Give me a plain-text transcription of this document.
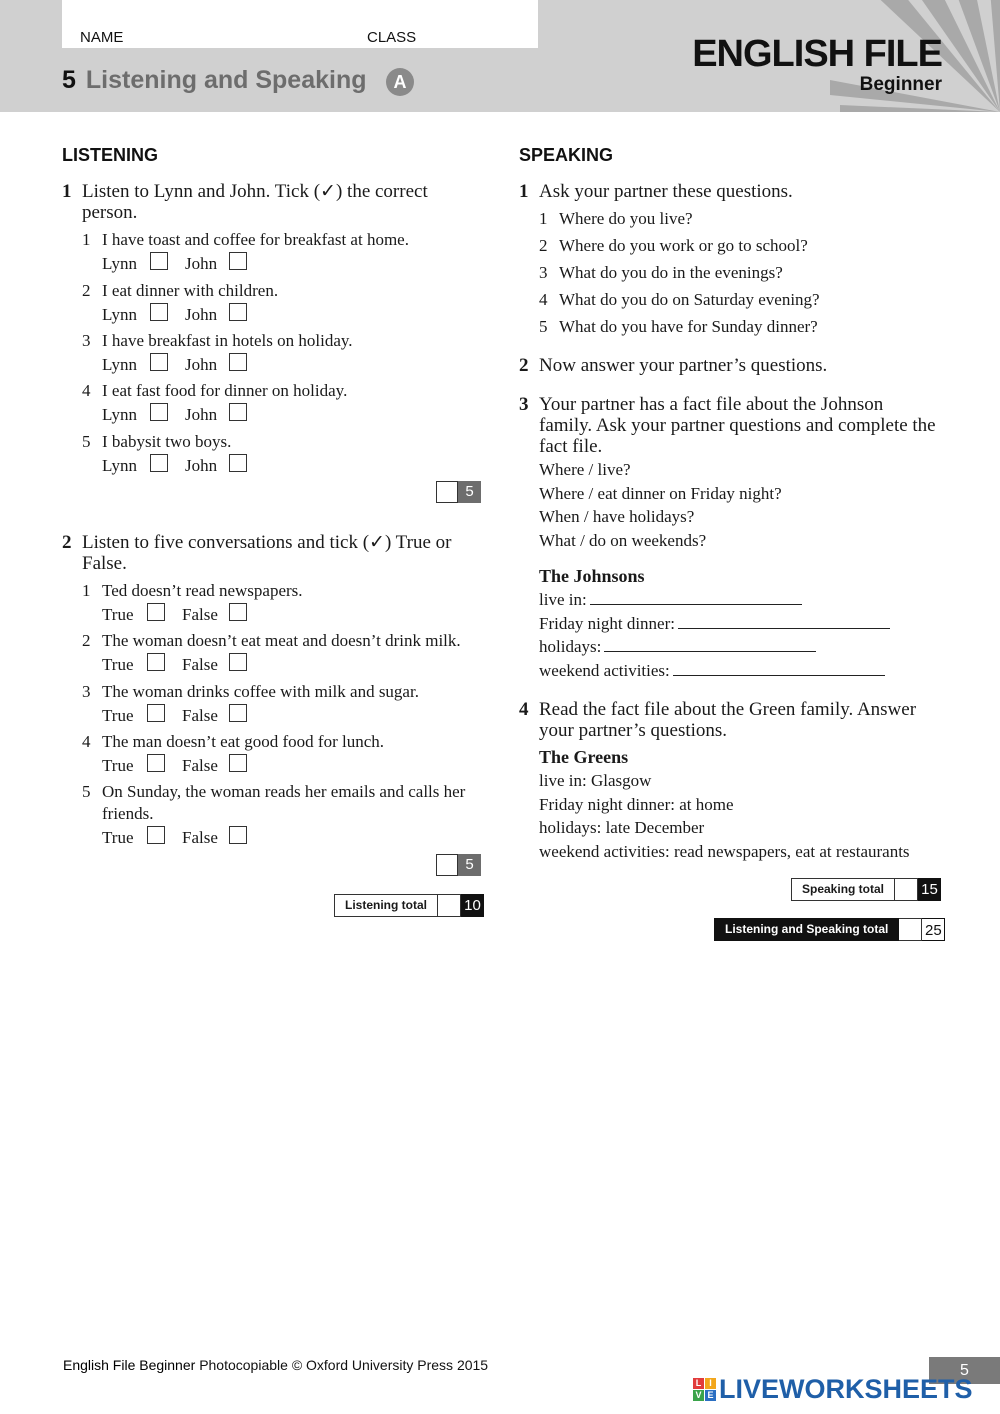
NAME	CLASS
5 Listening and Speaking	A
ENGLISH FILE
Beginner
LISTENING
1 Listen to Lynn and John. Tick (✓) the correct person.
1 I have toast and coffee for breakfast at home.
Lynn	John
2 I eat dinner with children.
Lynn	John
3 I have breakfast in hotels on holiday.
Lynn	John
4 I eat fast food for dinner on holiday.
Lynn	John
5 I babysit two boys.
Lynn	John
5
2 Listen to five conversations and tick (✓) True or False.
1 Ted doesn’t read newspapers.
True	False
2 The woman doesn’t eat meat and doesn’t drink milk.
True	False
3 The woman drinks coffee with milk and sugar.
True	False
4 The man doesn’t eat good food for lunch.
True	False
5 On Sunday, the woman reads her emails and calls her friends.
True	False
5
Listening total	10
SPEAKING
1 Ask your partner these questions.
1 Where do you live?
2 Where do you work or go to school?
3 What do you do in the evenings?
4 What do you do on Saturday evening?
5 What do you have for Sunday dinner?
2 Now answer your partner’s questions.
3 Your partner has a fact file about the Johnson family. Ask your partner questions and complete the fact file.
Where / live?
Where / eat dinner on Friday night?
When / have holidays?
What / do on weekends?
The Johnsons
live in:
Friday night dinner:
holidays:
weekend activities:
4 Read the fact file about the Green family. Answer your partner’s questions.
The Greens
live in: Glasgow
Friday night dinner: at home
holidays: late December
weekend activities: read newspapers, eat at restaurants
Speaking total	15
Listening and Speaking total	25
English File Beginner Photocopiable © Oxford University Press 2015	5
L I
V E LIVEWORKSHEETS
